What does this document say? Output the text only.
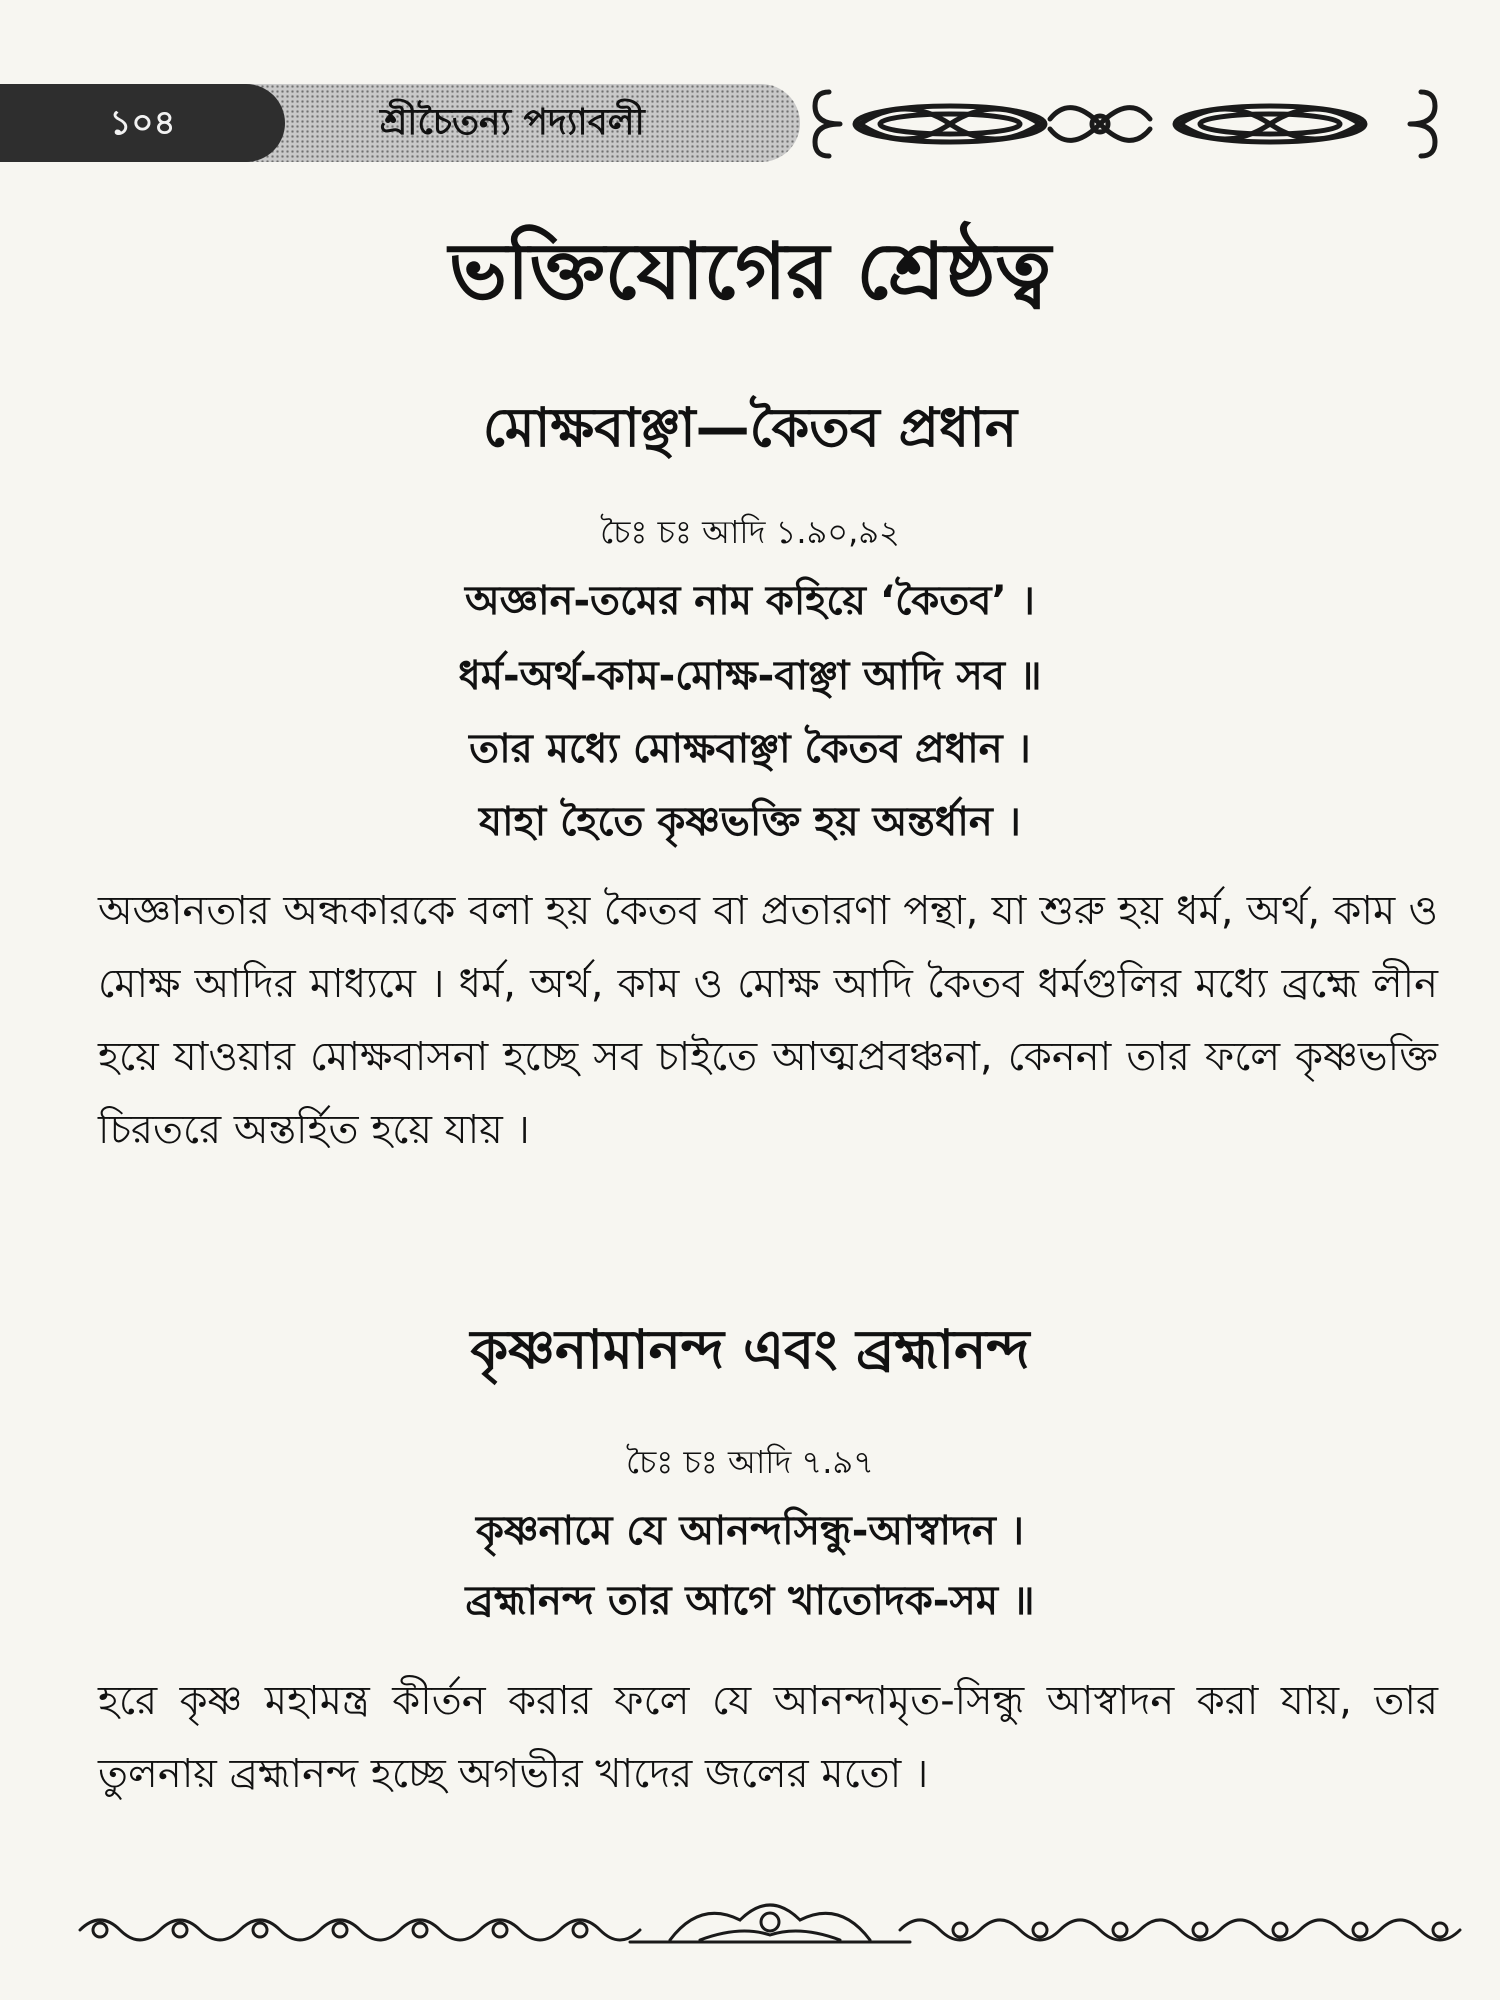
১০৪	শ্রীচৈতন্য পদ্যাবলী
ভক্তিযোগের শ্রেষ্ঠত্ব
মোক্ষবাঞ্ছা—কৈতব প্রধান
চৈঃ চঃ আদি ১.৯০,৯২
অজ্ঞান-তমের নাম কহিয়ে ‘কৈতব’ ।
ধর্ম-অর্থ-কাম-মোক্ষ-বাঞ্ছা আদি সব ॥
তার মধ্যে মোক্ষবাঞ্ছা কৈতব প্রধান ।
যাহা হৈতে কৃষ্ণভক্তি হয় অন্তর্ধান ।
অজ্ঞানতার অন্ধকারকে বলা হয় কৈতব বা প্রতারণা পন্থা, যা শুরু হয় ধর্ম, অর্থ, কাম ও মোক্ষ আদির মাধ্যমে । ধর্ম, অর্থ, কাম ও মোক্ষ আদি কৈতব ধর্মগুলির মধ্যে ব্রহ্মে লীন হয়ে যাওয়ার মোক্ষবাসনা হচ্ছে সব চাইতে আত্মপ্রবঞ্চনা, কেননা তার ফলে কৃষ্ণভক্তি চিরতরে অন্তর্হিত হয়ে যায় ।
কৃষ্ণনামানন্দ এবং ব্রহ্মানন্দ
চৈঃ চঃ আদি ৭.৯৭
কৃষ্ণনামে যে আনন্দসিন্ধু-আস্বাদন ।
ব্রহ্মানন্দ তার আগে খাতোদক-সম ॥
হরে কৃষ্ণ মহামন্ত্র কীর্তন করার ফলে যে আনন্দামৃত-সিন্ধু আস্বাদন করা যায়, তার তুলনায় ব্রহ্মানন্দ হচ্ছে অগভীর খাদের জলের মতো ।
